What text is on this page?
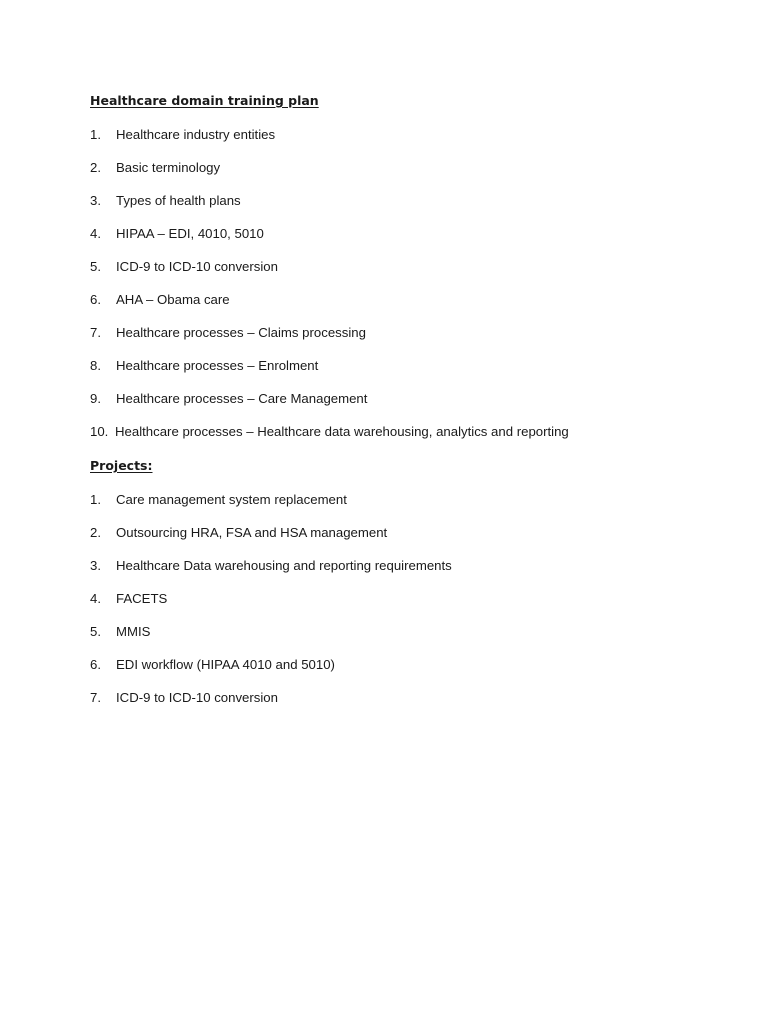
Healthcare domain training plan
1. Healthcare industry entities
2. Basic terminology
3. Types of health plans
4. HIPAA – EDI, 4010, 5010
5. ICD-9 to ICD-10 conversion
6. AHA – Obama care
7. Healthcare processes – Claims processing
8. Healthcare processes – Enrolment
9. Healthcare processes – Care Management
10. Healthcare processes – Healthcare data warehousing, analytics and reporting
Projects:
1. Care management system replacement
2. Outsourcing HRA, FSA and HSA management
3. Healthcare Data warehousing and reporting requirements
4. FACETS
5. MMIS
6. EDI workflow (HIPAA 4010 and 5010)
7. ICD-9 to ICD-10 conversion
